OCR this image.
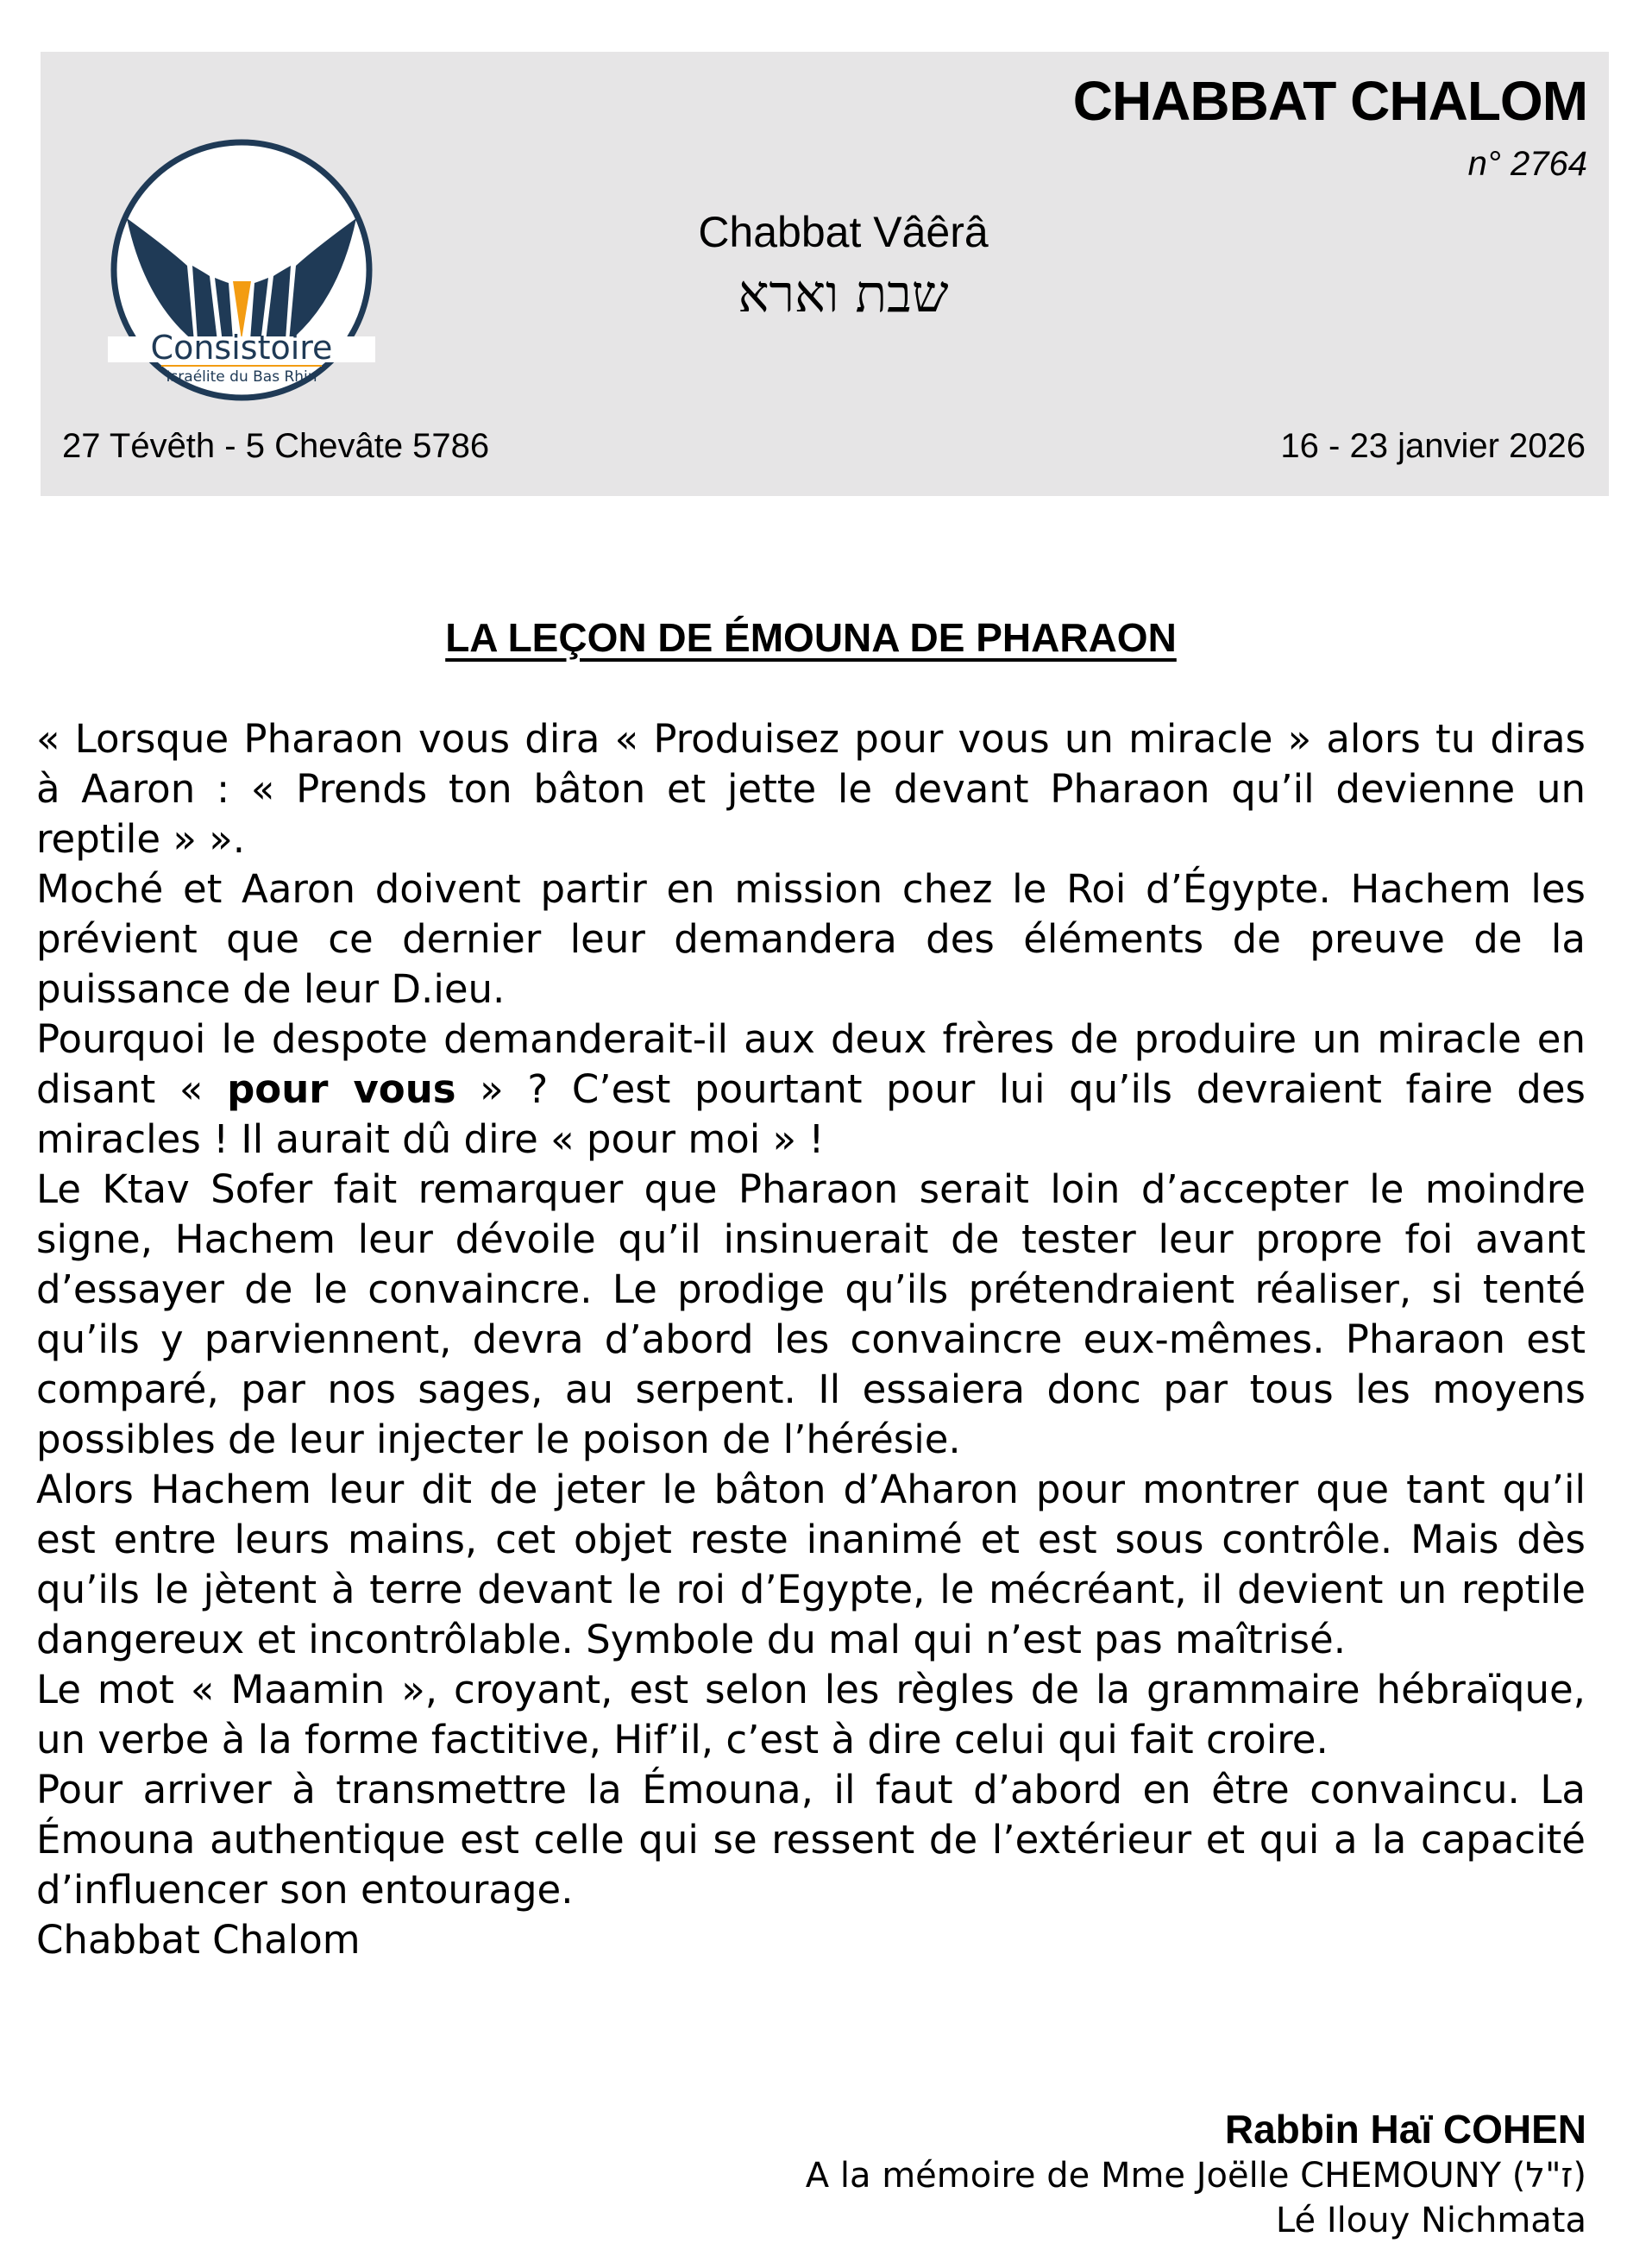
Consistoire
Israélite du Bas Rhin
CHABBAT CHALOM
n° 2764
Chabbat Vâêrâ
שבת וארא
27 Tévêth - 5 Chevâte 5786	16 - 23 janvier 2026
LA LEÇON DE ÉMOUNA DE PHARAON

« Lorsque Pharaon vous dira « Produisez pour vous un miracle » alors tu diras à Aaron : « Prends ton bâton et jette le devant Pharaon qu’il devienne un reptile » ».

Moché et Aaron doivent partir en mission chez le Roi d’Égypte. Hachem les prévient que ce dernier leur demandera des éléments de preuve de la puissance de leur D.ieu.

Pourquoi le despote demanderait-il aux deux frères de produire un miracle en disant « pour vous » ? C’est pourtant pour lui qu’ils devraient faire des miracles ! Il aurait dû dire « pour moi » !

Le Ktav Sofer fait remarquer que Pharaon serait loin d’accepter le moindre signe, Hachem leur dévoile qu’il insinuerait de tester leur propre foi avant d’essayer de le convaincre. Le prodige qu’ils prétendraient réaliser, si tenté qu’ils y parviennent, devra d’abord les convaincre eux-mêmes. Pharaon est comparé, par nos sages, au serpent. Il essaiera donc par tous les moyens possibles de leur injecter le poison de l’hérésie.

Alors Hachem leur dit de jeter le bâton d’Aharon pour montrer que tant qu’il est entre leurs mains, cet objet reste inanimé et est sous contrôle. Mais dès qu’ils le jètent à terre devant le roi d’Egypte, le mécréant, il devient un reptile dangereux et incontrôlable. Symbole du mal qui n’est pas maîtrisé.

Le mot « Maamin », croyant, est selon les règles de la grammaire hébraïque, un verbe à la forme factitive, Hif’il, c’est à dire celui qui fait croire.

Pour arriver à transmettre la Émouna, il faut d’abord en être convaincu. La Émouna authentique est celle qui se ressent de l’extérieur et qui a la capacité d’influencer son entourage.

Chabbat Chalom

Rabbin Haï COHEN
A la mémoire de Mme Joëlle CHEMOUNY (ז"ל)
Lé Ilouy Nichmata
